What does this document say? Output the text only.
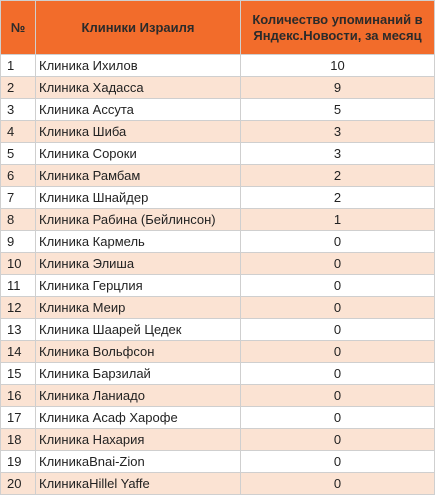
№	Клиники Израиля	Количество упоминаний в Яндекс.Новости, за месяц
1	Клиника Ихилов	10
2	Клиника Хадасса	9
3	Клиника Ассута	5
4	Клиника Шиба	3
5	Клиника Сороки	3
6	Клиника Рамбам	2
7	Клиника Шнайдер	2
8	Клиника Рабина (Бейлинсон)	1
9	Клиника Кармель	0
10	Клиника Элиша	0
11	Клиника Герцлия	0
12	Клиника Меир	0
13	Клиника Шаарей Цедек	0
14	Клиника Вольфсон	0
15	Клиника Барзилай	0
16	Клиника Ланиадо	0
17	Клиника Асаф Харофе	0
18	Клиника Нахария	0
19	КлиникаBnai-Zion	0
20	КлиникаHillel Yaffe	0
